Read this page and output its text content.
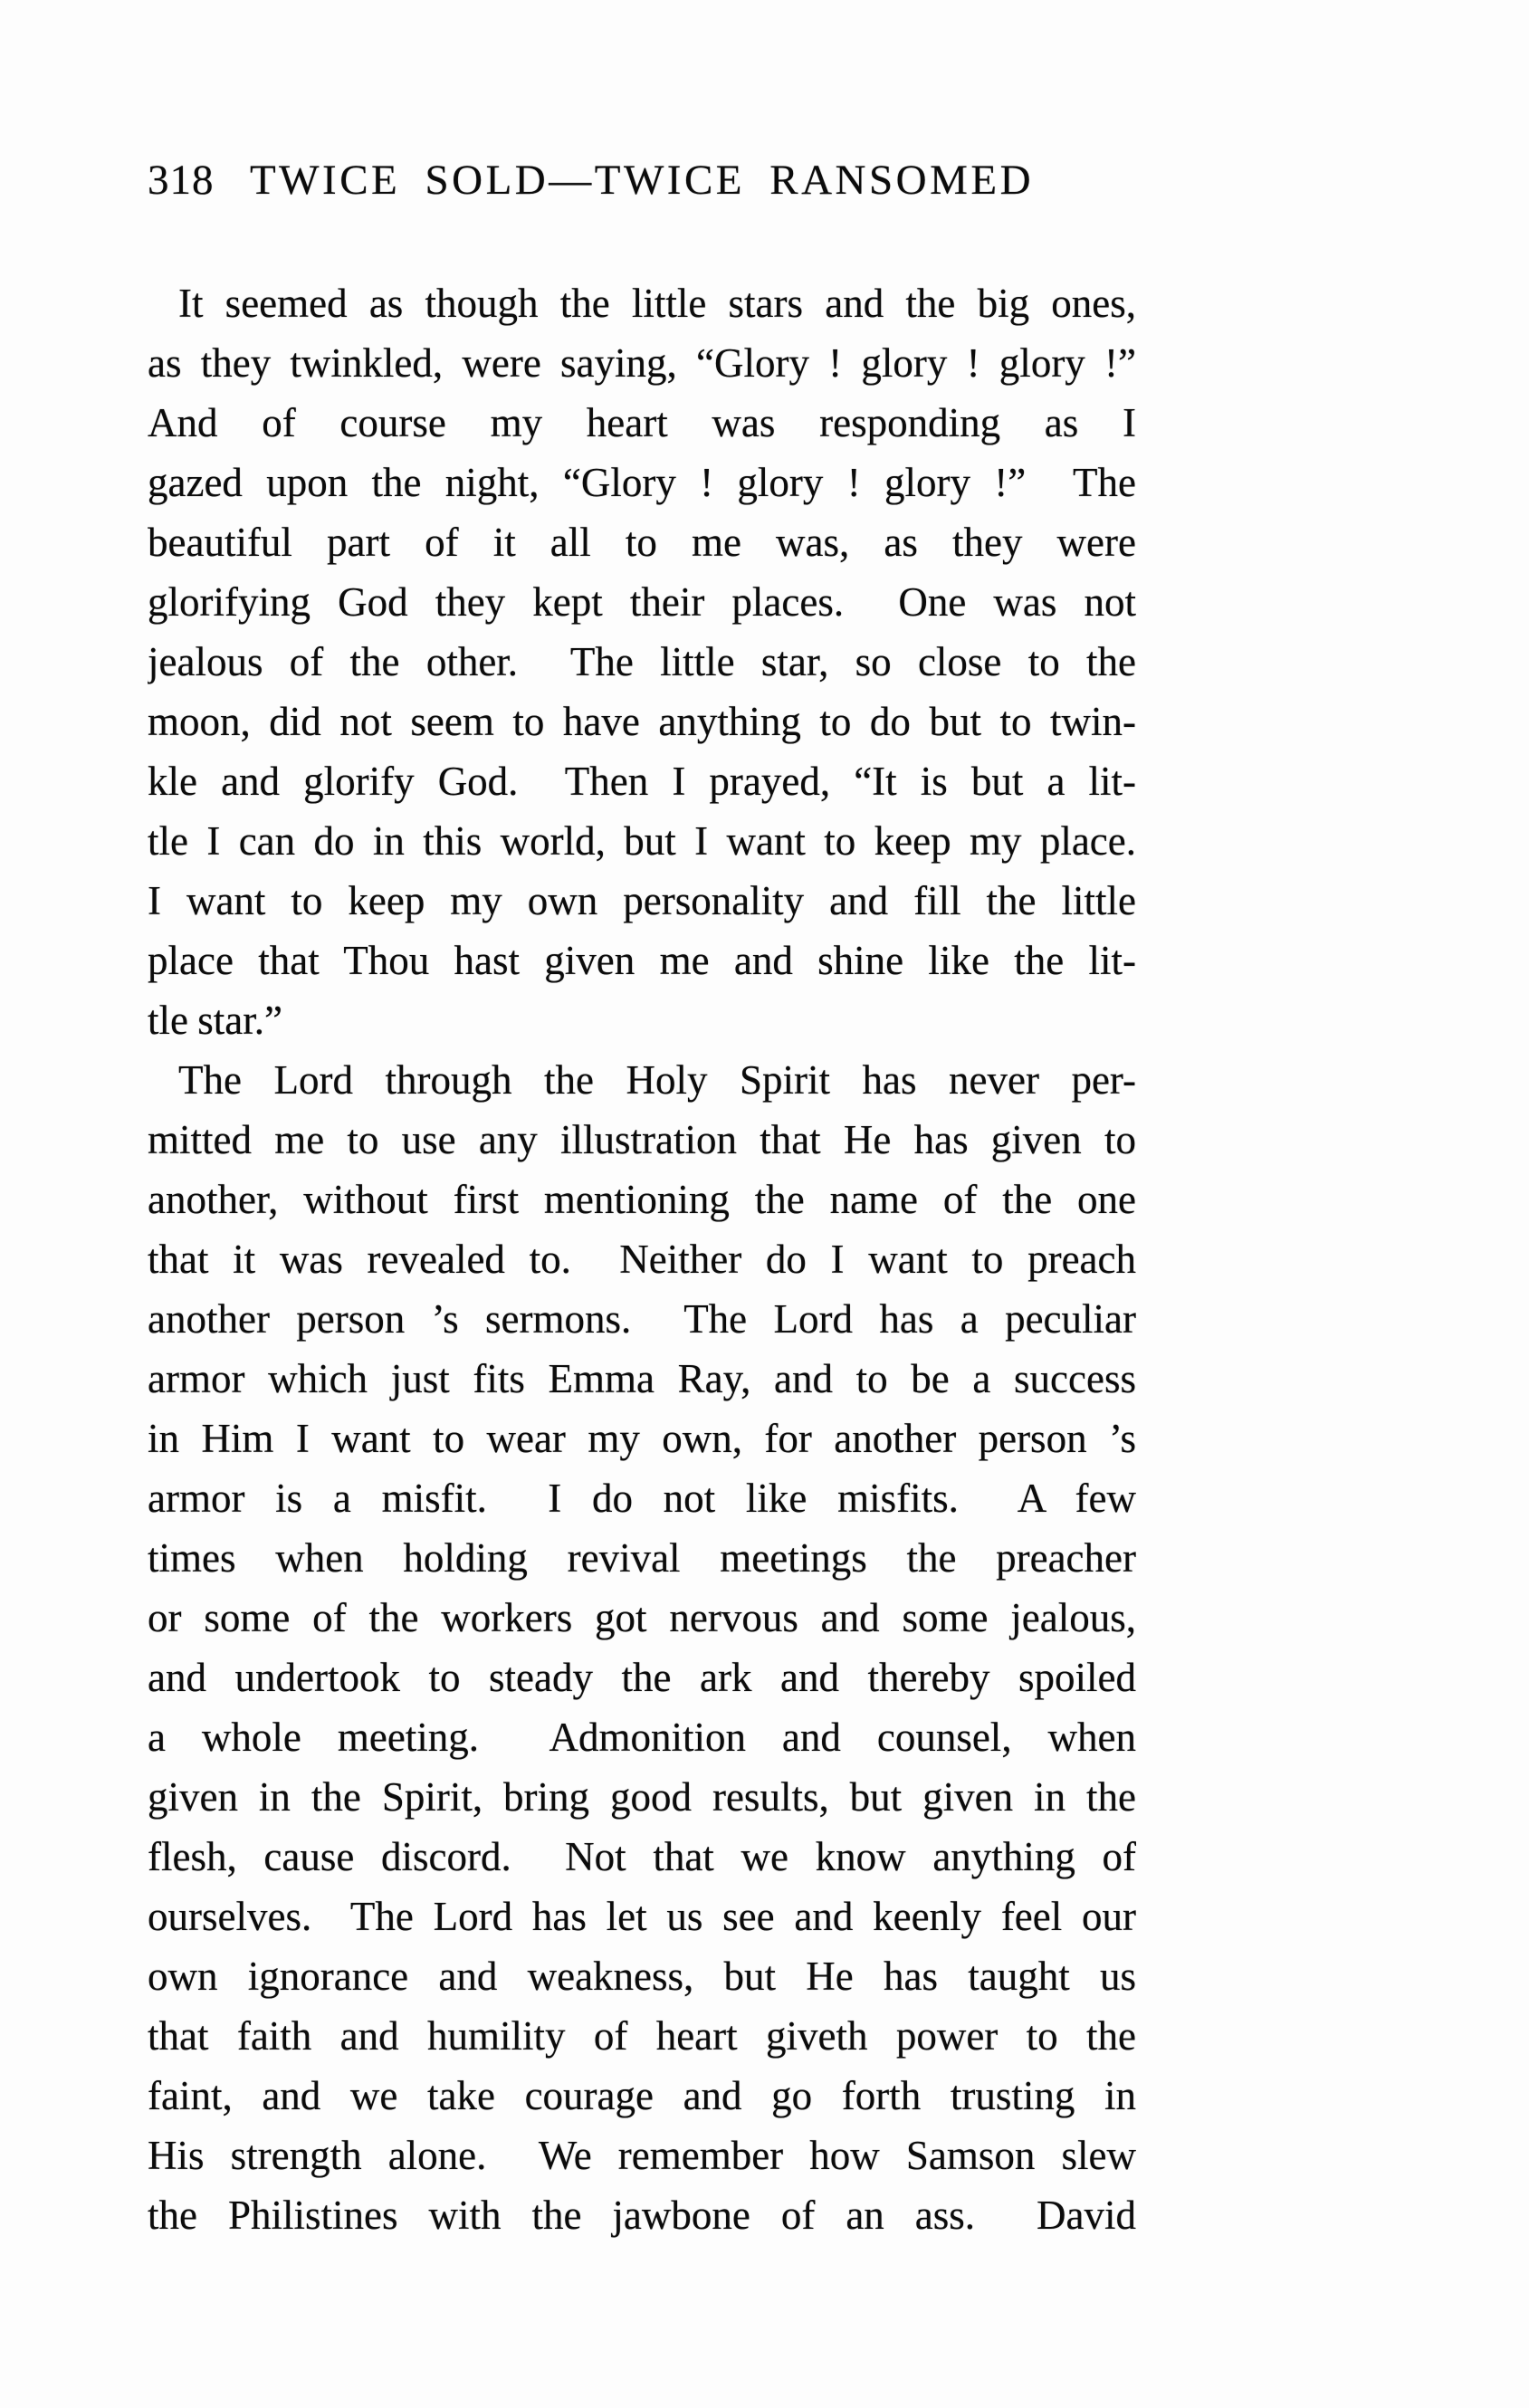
318 TWICE SOLD—TWICE RANSOMED
It seemed as though the little stars and the big ones,
as they twinkled, were saying, “Glory ! glory ! glory !”
And of course my heart was responding as I
gazed upon the night, “Glory ! glory ! glory !”  The
beautiful part of it all to me was, as they were
glorifying God they kept their places.  One was not
jealous of the other.  The little star, so close to the
moon, did not seem to have anything to do but to twin-
kle and glorify God.  Then I prayed, “It is but a lit-
tle I can do in this world, but I want to keep my place.
I want to keep my own personality and fill the little
place that Thou hast given me and shine like the lit-
tle star.”
The Lord through the Holy Spirit has never per-
mitted me to use any illustration that He has given to
another, without first mentioning the name of the one
that it was revealed to.  Neither do I want to preach
another person ’s sermons.  The Lord has a peculiar
armor which just fits Emma Ray, and to be a success
in Him I want to wear my own, for another person ’s
armor is a misfit.  I do not like misfits.  A few
times when holding revival meetings the preacher
or some of the workers got nervous and some jealous,
and undertook to steady the ark and thereby spoiled
a whole meeting.  Admonition and counsel, when
given in the Spirit, bring good results, but given in the
flesh, cause discord.  Not that we know anything of
ourselves.  The Lord has let us see and keenly feel our
own ignorance and weakness, but He has taught us
that faith and humility of heart giveth power to the
faint, and we take courage and go forth trusting in
His strength alone.  We remember how Samson slew
the Philistines with the jawbone of an ass.  David
